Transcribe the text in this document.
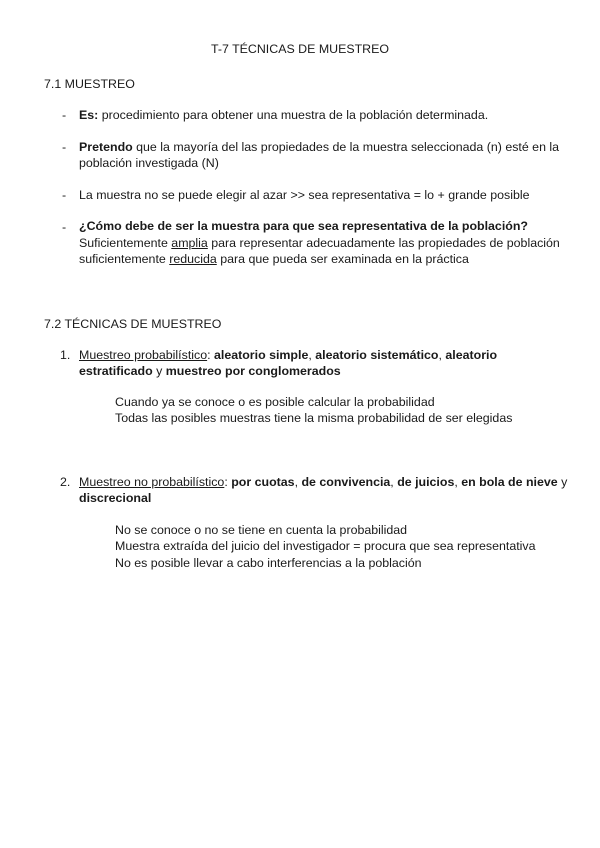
T-7 TÉCNICAS DE MUESTREO
7.1 MUESTREO
- Es: procedimiento para obtener una muestra de la población determinada.
- Pretendo que la mayoría del las propiedades de la muestra seleccionada (n) esté en la
población investigada (N)
- La muestra no se puede elegir al azar >> sea representativa = lo + grande posible
- ¿Cómo debe de ser la muestra para que sea representativa de la población?
Suficientemente amplia para representar adecuadamente las propiedades de población
suficientemente reducida para que pueda ser examinada en la práctica
7.2 TÉCNICAS DE MUESTREO
1. Muestreo probabilístico: aleatorio simple, aleatorio sistemático, aleatorio
estratificado y muestreo por conglomerados
Cuando ya se conoce o es posible calcular la probabilidad
Todas las posibles muestras tiene la misma probabilidad de ser elegidas
2. Muestreo no probabilístico: por cuotas, de convivencia, de juicios, en bola de nieve y
discrecional
No se conoce o no se tiene en cuenta la probabilidad
Muestra extraída del juicio del investigador = procura que sea representativa
No es posible llevar a cabo interferencias a la población
